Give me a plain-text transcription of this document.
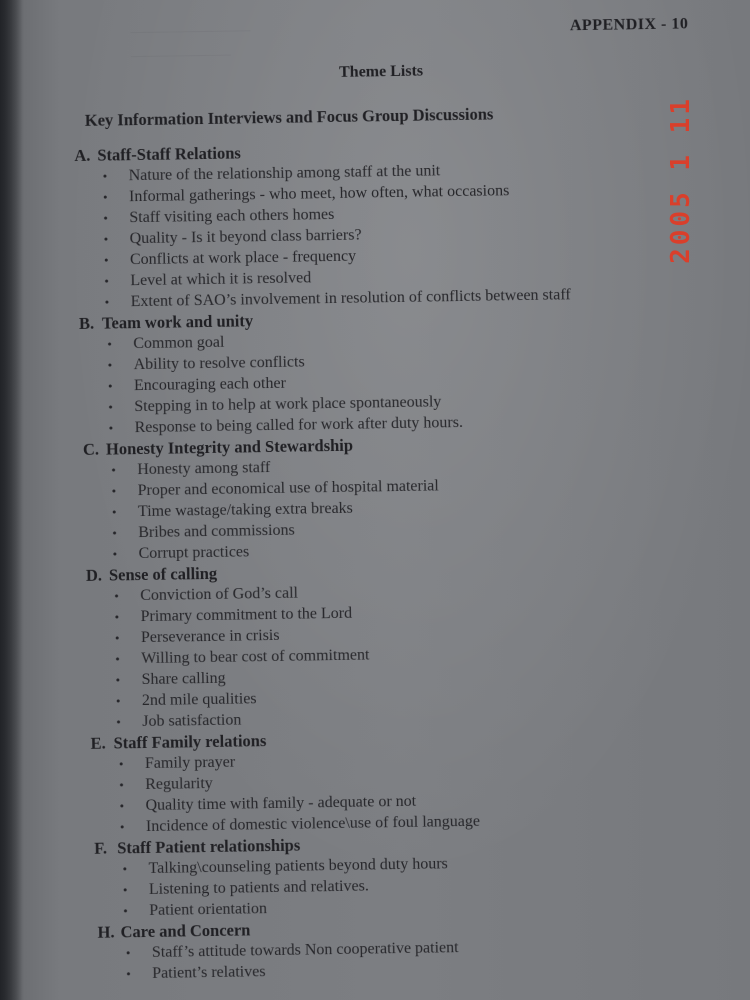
APPENDIX - 10
Theme Lists
Key Information Interviews and Focus Group Discussions
A. Staff-Staff Relations
• Nature of the relationship among staff at the unit
• Informal gatherings - who meet, how often, what occasions
• Staff visiting each others homes
• Quality - Is it beyond class barriers?
• Conflicts at work place - frequency
• Level at which it is resolved
• Extent of SAO’s involvement in resolution of conflicts between staff
B. Team work and unity
• Common goal
• Ability to resolve conflicts
• Encouraging each other
• Stepping in to help at work place spontaneously
• Response to being called for work after duty hours.
C. Honesty Integrity and Stewardship
• Honesty among staff
• Proper and economical use of hospital material
• Time wastage/taking extra breaks
• Bribes and commissions
• Corrupt practices
D. Sense of calling
• Conviction of God’s call
• Primary commitment to the Lord
• Perseverance in crisis
• Willing to bear cost of commitment
• Share calling
• 2nd mile qualities
• Job satisfaction
E. Staff Family relations
• Family prayer
• Regularity
• Quality time with family - adequate or not
• Incidence of domestic violence\use of foul language
F. Staff Patient relationships
• Talking\counseling patients beyond duty hours
• Listening to patients and relatives.
• Patient orientation
H. Care and Concern
• Staff’s attitude towards Non cooperative patient
• Patient’s relatives
2005 1 11
